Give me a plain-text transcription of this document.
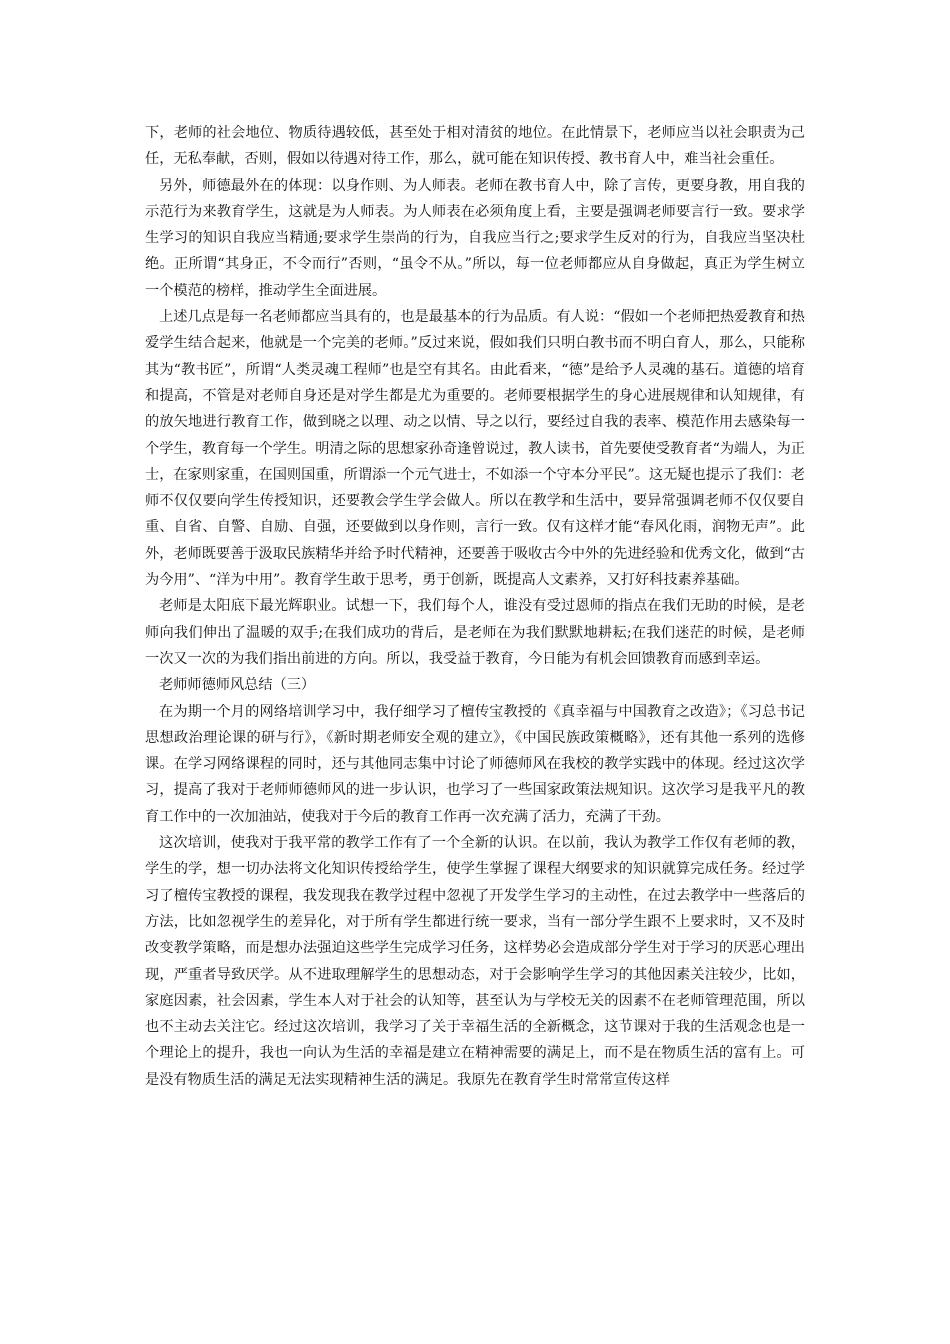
下，老师的社会地位、物质待遇较低，甚至处于相对清贫的地位。在此情景下，老师应当以社会职责为己任，无私奉献，否则，假如以待遇对待工作，那么，就可能在知识传授、教书育人中，难当社会重任。

另外，师德最外在的体现：以身作则、为人师表。老师在教书育人中，除了言传，更要身教，用自我的示范行为来教育学生，这就是为人师表。为人师表在必须角度上看，主要是强调老师要言行一致。要求学生学习的知识自我应当精通;要求学生崇尚的行为，自我应当行之;要求学生反对的行为，自我应当坚决杜绝。正所谓“其身正，不令而行”否则，“虽令不从。”所以，每一位老师都应从自身做起，真正为学生树立一个模范的榜样，推动学生全面进展。

上述几点是每一名老师都应当具有的，也是最基本的行为品质。有人说：“假如一个老师把热爱教育和热爱学生结合起来，他就是一个完美的老师。”反过来说，假如我们只明白教书而不明白育人，那么，只能称其为“教书匠”，所谓“人类灵魂工程师”也是空有其名。由此看来，“德”是给予人灵魂的基石。道德的培育和提高，不管是对老师自身还是对学生都是尤为重要的。老师要根据学生的身心进展规律和认知规律，有的放矢地进行教育工作，做到晓之以理、动之以情、导之以行，要经过自我的表率、模范作用去感染每一个学生，教育每一个学生。明清之际的思想家孙奇逢曾说过，教人读书，首先要使受教育者“为端人，为正士，在家则家重，在国则国重，所谓添一个元气进士，不如添一个守本分平民”。这无疑也提示了我们：老师不仅仅要向学生传授知识，还要教会学生学会做人。所以在教学和生活中，要异常强调老师不仅仅要自重、自省、自警、自励、自强，还要做到以身作则，言行一致。仅有这样才能“春风化雨，润物无声”。此外，老师既要善于汲取民族精华并给予时代精神，还要善于吸收古今中外的先进经验和优秀文化，做到“古为今用”、“洋为中用”。教育学生敢于思考，勇于创新，既提高人文素养，又打好科技素养基础。

老师是太阳底下最光辉职业。试想一下，我们每个人，谁没有受过恩师的指点在我们无助的时候，是老师向我们伸出了温暖的双手;在我们成功的背后，是老师在为我们默默地耕耘;在我们迷茫的时候，是老师一次又一次的为我们指出前进的方向。所以，我受益于教育，今日能为有机会回馈教育而感到幸运。

老师师德师风总结（三）

在为期一个月的网络培训学习中，我仔细学习了檀传宝教授的《真幸福与中国教育之改造》；《习总书记思想政治理论课的研与行》，《新时期老师安全观的建立》，《中国民族政策概略》，还有其他一系列的选修课。在学习网络课程的同时，还与其他同志集中讨论了师德师风在我校的教学实践中的体现。经过这次学习，提高了我对于老师师德师风的进一步认识，也学习了一些国家政策法规知识。这次学习是我平凡的教育工作中的一次加油站，使我对于今后的教育工作再一次充满了活力，充满了干劲。

这次培训，使我对于我平常的教学工作有了一个全新的认识。在以前，我认为教学工作仅有老师的教，学生的学，想一切办法将文化知识传授给学生，使学生掌握了课程大纲要求的知识就算完成任务。经过学习了檀传宝教授的课程，我发现我在教学过程中忽视了开发学生学习的主动性，在过去教学中一些落后的方法，比如忽视学生的差异化，对于所有学生都进行统一要求，当有一部分学生跟不上要求时，又不及时改变教学策略，而是想办法强迫这些学生完成学习任务，这样势必会造成部分学生对于学习的厌恶心理出现，严重者导致厌学。从不进取理解学生的思想动态，对于会影响学生学习的其他因素关注较少，比如，家庭因素，社会因素，学生本人对于社会的认知等，甚至认为与学校无关的因素不在老师管理范围，所以也不主动去关注它。经过这次培训，我学习了关于幸福生活的全新概念，这节课对于我的生活观念也是一个理论上的提升，我也一向认为生活的幸福是建立在精神需要的满足上，而不是在物质生活的富有上。可是没有物质生活的满足无法实现精神生活的满足。我原先在教育学生时常常宣传这样
